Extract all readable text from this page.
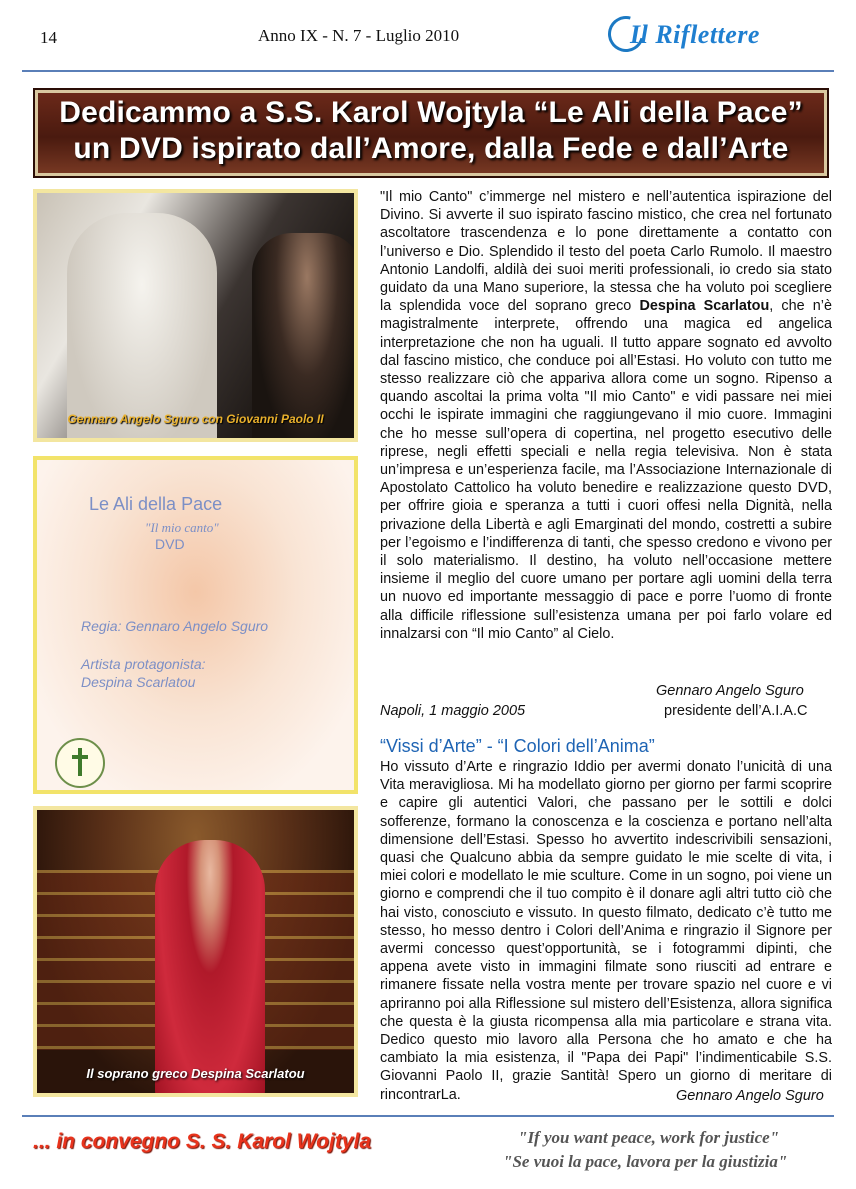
14	Anno IX - N. 7 - Luglio 2010	Il Riflettere
Dedicammo a S.S. Karol Wojtyla “Le Ali della Pace”
un DVD ispirato dall’Amore, dalla Fede e dall’Arte
Gennaro Angelo Sguro con Giovanni Paolo II
Le Ali della Pace
"Il mio canto"
DVD
Regia: Gennaro Angelo Sguro
Artista protagonista:
Despina Scarlatou
Il soprano greco Despina Scarlatou
"Il mio Canto" c’immerge nel mistero e nell’autentica ispirazione del Divino. Si avverte il suo ispirato fascino mistico, che crea nel fortunato ascoltatore trascendenza e lo pone direttamente a contatto con l’universo e Dio. Splendido il testo del poeta Carlo Rumolo. Il maestro Antonio Landolfi, aldilà dei suoi meriti professionali, io credo sia stato guidato da una Mano superiore, la stessa che ha voluto poi scegliere la splendida voce del soprano greco Despina Scarlatou, che n’è magistralmente interprete, offrendo una magica ed angelica interpretazione che non ha uguali. Il tutto appare sognato ed avvolto dal fascino mistico, che conduce poi all’Estasi. Ho voluto con tutto me stesso realizzare ciò che appariva allora come un sogno. Ripenso a quando ascoltai la prima volta "Il mio Canto" e vidi passare nei miei occhi le ispirate immagini che raggiungevano il mio cuore. Immagini che ho messe sull’opera di copertina, nel progetto esecutivo delle riprese, negli effetti speciali e nella regia televisiva. Non è stata un’impresa e un’esperienza facile, ma l’Associazione Internazionale di Apostolato Cattolico ha voluto benedire e realizzazione questo DVD, per offrire gioia e speranza a tutti i cuori offesi nella Dignità, nella privazione della Libertà e agli Emarginati del mondo, costretti a subire per l’egoismo e l’indifferenza di tanti, che spesso credono e vivono per il solo materialismo. Il destino, ha voluto nell’occasione mettere insieme il meglio del cuore umano per portare agli uomini della terra un nuovo ed importante messaggio di pace e porre l’uomo di fronte alla difficile riflessione sull’esistenza umana per poi farlo volare ed innalzarsi con “Il mio Canto” al Cielo.
Gennaro Angelo Sguro
Napoli, 1 maggio 2005	presidente dell’A.I.A.C
“Vissi d’Arte” - “I Colori dell’Anima”
Ho vissuto d’Arte e ringrazio Iddio per avermi donato l’unicità di una Vita meravigliosa. Mi ha modellato giorno per giorno per farmi scoprire e capire gli autentici Valori, che passano per le sottili e dolci sofferenze, formano la conoscenza e la coscienza e portano nell’alta dimensione dell’Estasi. Spesso ho avvertito indescrivibili sensazioni, quasi che Qualcuno abbia da sempre guidato le mie scelte di vita, i miei colori e modellato le mie sculture. Come in un sogno, poi viene un giorno e comprendi che il tuo compito è il donare agli altri tutto ciò che hai visto, conosciuto e vissuto. In questo filmato, dedicato c’è tutto me stesso, ho messo dentro i Colori dell’Anima e ringrazio il Signore per avermi concesso quest’opportunità, se i fotogrammi dipinti, che appena avete visto in immagini filmate sono riusciti ad entrare e rimanere fissate nella vostra mente per trovare spazio nel cuore e vi apriranno poi alla Riflessione sul mistero dell’Esistenza, allora significa che questa è la giusta ricompensa alla mia particolare e strana vita. Dedico questo mio lavoro alla Persona che ho amato e che ha cambiato la mia esistenza, il "Papa dei Papi" l’indimenticabile S.S. Giovanni Paolo II, grazie Santità! Spero un giorno di meritare di rincontrarLa.	Gennaro Angelo Sguro
... in convegno S. S. Karol Wojtyla	"If you want peace, work for justice"
"Se vuoi la pace, lavora per la giustizia"
